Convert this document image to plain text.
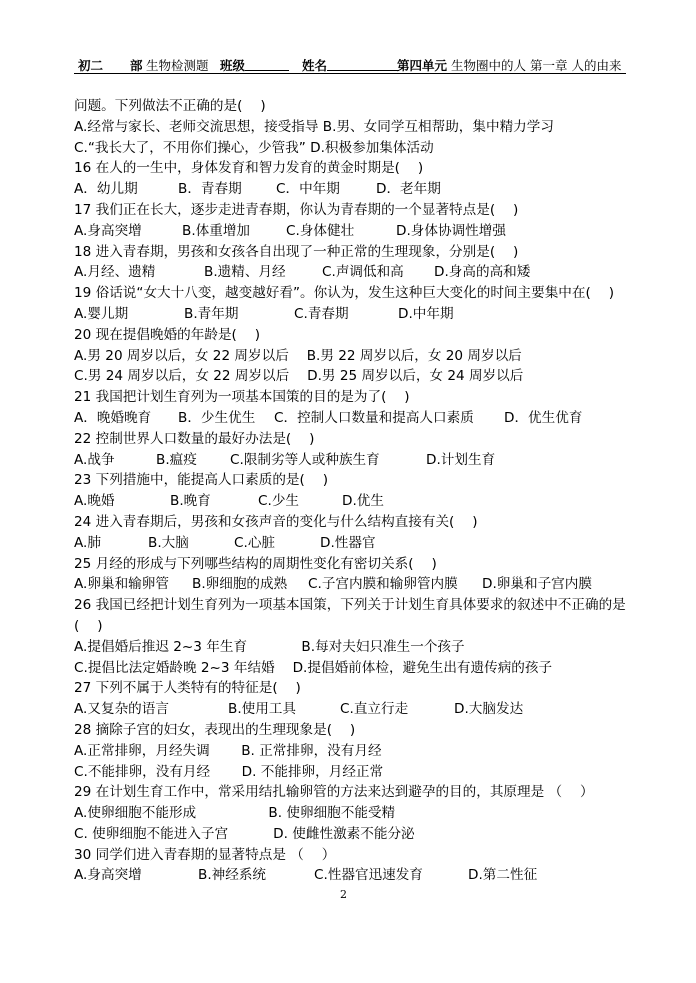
初二 部 生物检测题 班级	姓名	第四单元 生物圈中的人 第一章 人的由来
问题。下列做法不正确的是(　 )
A.经常与家长、老师交流思想，接受指导 B.男、女同学互相帮助，集中精力学习
C.“我长大了，不用你们操心，少管我” D.积极参加集体活动
16 在人的一生中，身体发育和智力发育的黄金时期是(　 )
A．幼儿期	B．青春期	C．中年期	D．老年期
17 我们正在长大，逐步走进青春期，你认为青春期的一个显著特点是(　 )
A.身高突增	B.体重增加	C.身体健壮	D.身体协调性增强
18 进入青春期，男孩和女孩各自出现了一种正常的生理现象，分别是(　 )
A.月经、遗精	B.遗精、月经	C.声调低和高 D.身高的高和矮
19 俗话说“女大十八变，越变越好看”。你认为，发生这种巨大变化的时间主要集中在(　 )
A.婴儿期	B.青年期	C.青春期	D.中年期
20 现在提倡晚婚的年龄是(　 )
A.男 20 周岁以后，女 22 周岁以后　 B.男 22 周岁以后，女 20 周岁以后
C.男 24 周岁以后，女 22 周岁以后　 D.男 25 周岁以后，女 24 周岁以后
21 我国把计划生育列为一项基本国策的目的是为了(　 )
A．晚婚晚育 B．少生优生 C．控制人口数量和提高人口素质 D．优生优育
22 控制世界人口数量的最好办法是(　 )
A.战争	B.瘟疫 C.限制劣等人或种族生育	D.计划生育
23 下列措施中，能提高人口素质的是(　 )
A.晚婚	B.晚育	C.少生	D.优生
24 进入青春期后，男孩和女孩声音的变化与什么结构直接有关(　 )
A.肺	B.大脑	C.心脏	D.性器官
25 月经的形成与下列哪些结构的周期性变化有密切关系(　 )
A.卵巢和输卵管 B.卵细胞的成熟 C.子宫内膜和输卵管内膜 D.卵巢和子宫内膜
26 我国已经把计划生育列为一项基本国策，下列关于计划生育具体要求的叙述中不正确的是(　 )
A.提倡婚后推迟 2~3 年生育　　　　B.每对夫妇只准生一个孩子
C.提倡比法定婚龄晚 2~3 年结婚　 D.提倡婚前体检，避免生出有遗传病的孩子
27 下列不属于人类特有的特征是(　 )
A.又复杂的语言	B.使用工具	C.直立行走	D.大脑发达
28 摘除子宫的妇女，表现出的生理现象是(　 )
A.正常排卵，月经失调　　 B. 正常排卵，没有月经
C.不能排卵，没有月经　　 D. 不能排卵，月经正常
29 在计划生育工作中，常采用结扎输卵管的方法来达到避孕的目的，其原理是 （　 ）
A.使卵细胞不能形成　　　　　 B. 使卵细胞不能受精
C. 使卵细胞不能进入子宫　　　 D. 使雌性激素不能分泌
30 同学们进入青春期的显著特点是 （　 ）
A.身高突增	B.神经系统	C.性器官迅速发育	D.第二性征
2
